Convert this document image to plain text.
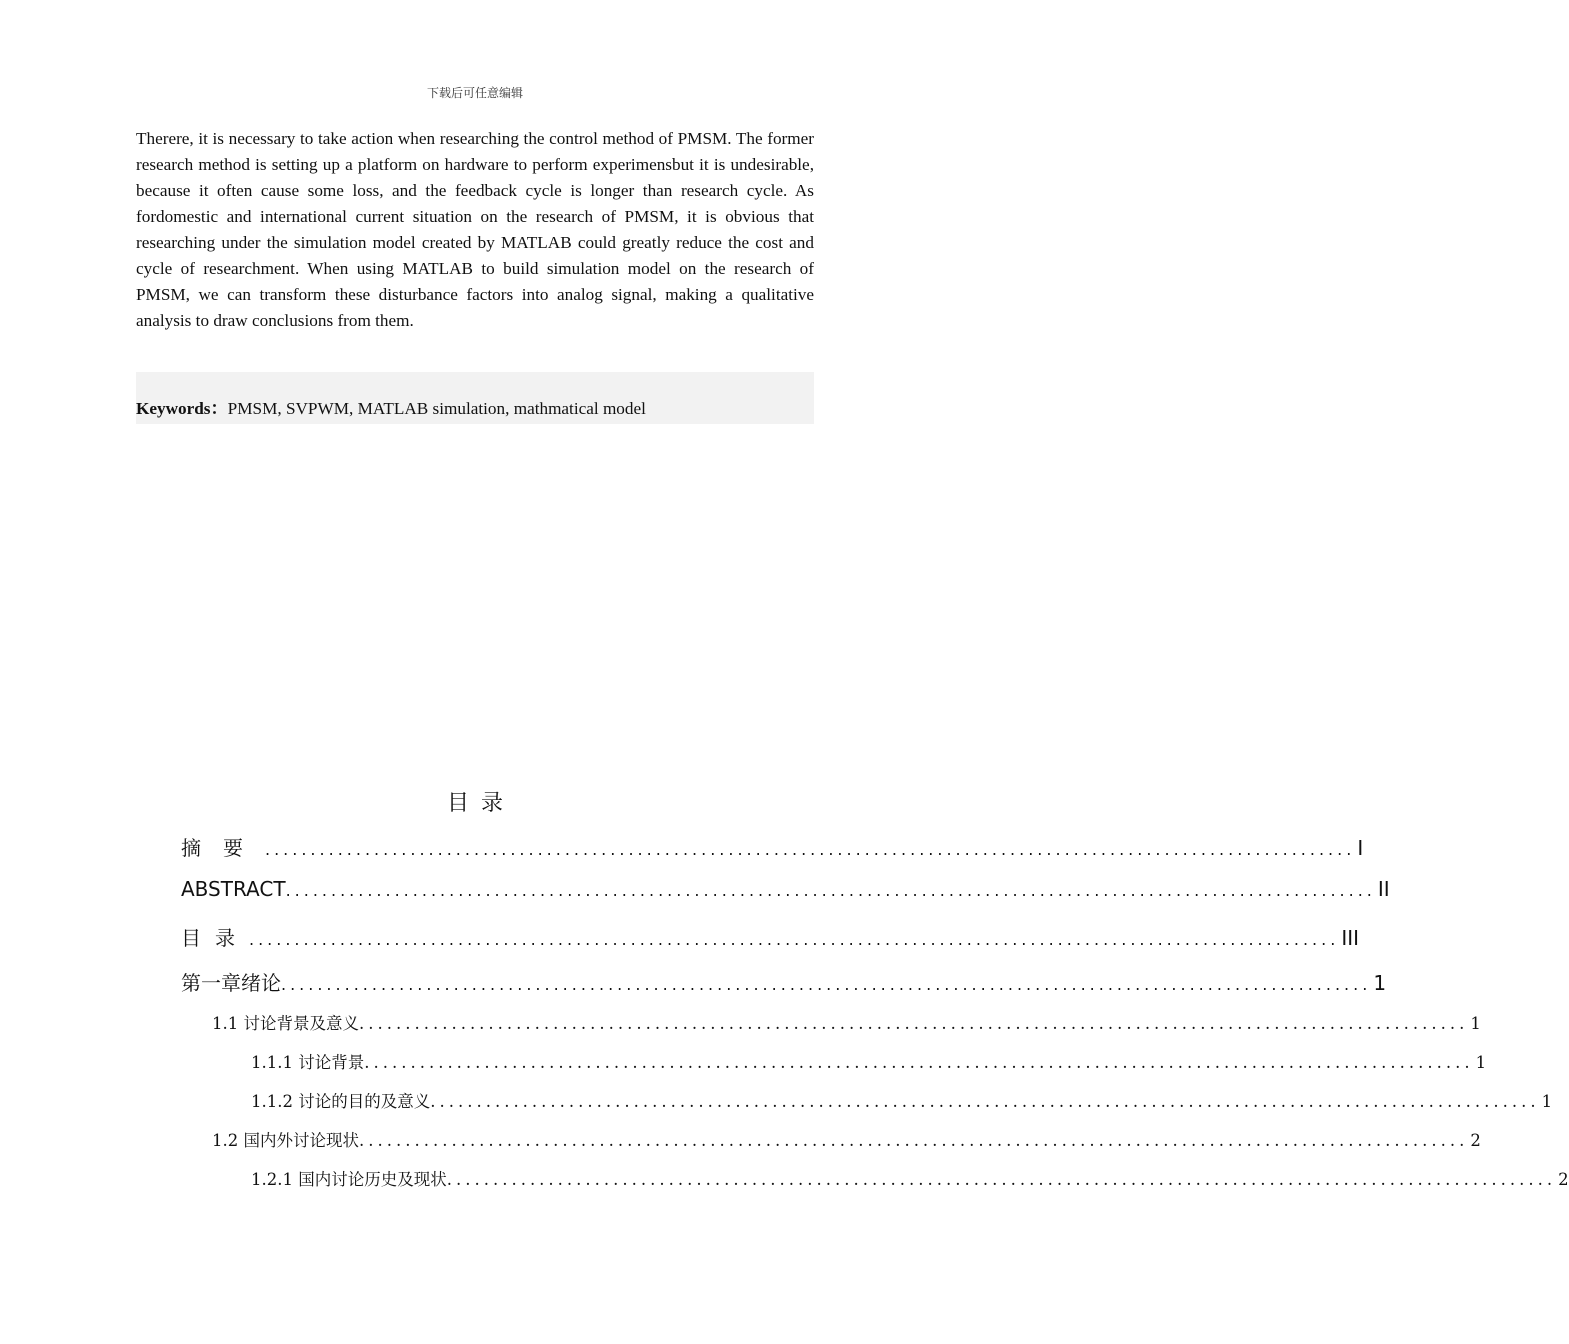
下载后可任意编辑

Therere, it is necessary to take action when researching the control method of PMSM. The former research method is setting up a platform on hardware to perform experimensbut it is undesirable, because it often cause some loss, and the feedback cycle is longer than research cycle. As fordomestic and international current situation on the research of PMSM, it is obvious that researching under the simulation model created by MATLAB could greatly reduce the cost and cycle of researchment. When using MATLAB to build simulation model on the research of PMSM, we can transform these disturbance factors into analog signal, making a qualitative analysis to draw conclusions from them.

Keywords：PMSM, SVPWM, MATLAB simulation, mathmatical model
目录
摘要 ........................................................................................................................ I
ABSTRACT ........................................................................................................................ II
目录 ........................................................................................................................ III
第一章绪论 ........................................................................................................................ 1
1.1 讨论背景及意义 ........................................................................................................................ 1
1.1.1 讨论背景 ........................................................................................................................ 1
1.1.2 讨论的目的及意义 ........................................................................................................................ 1
1.2 国内外讨论现状 ........................................................................................................................ 2
1.2.1 国内讨论历史及现状 ........................................................................................................................ 2
